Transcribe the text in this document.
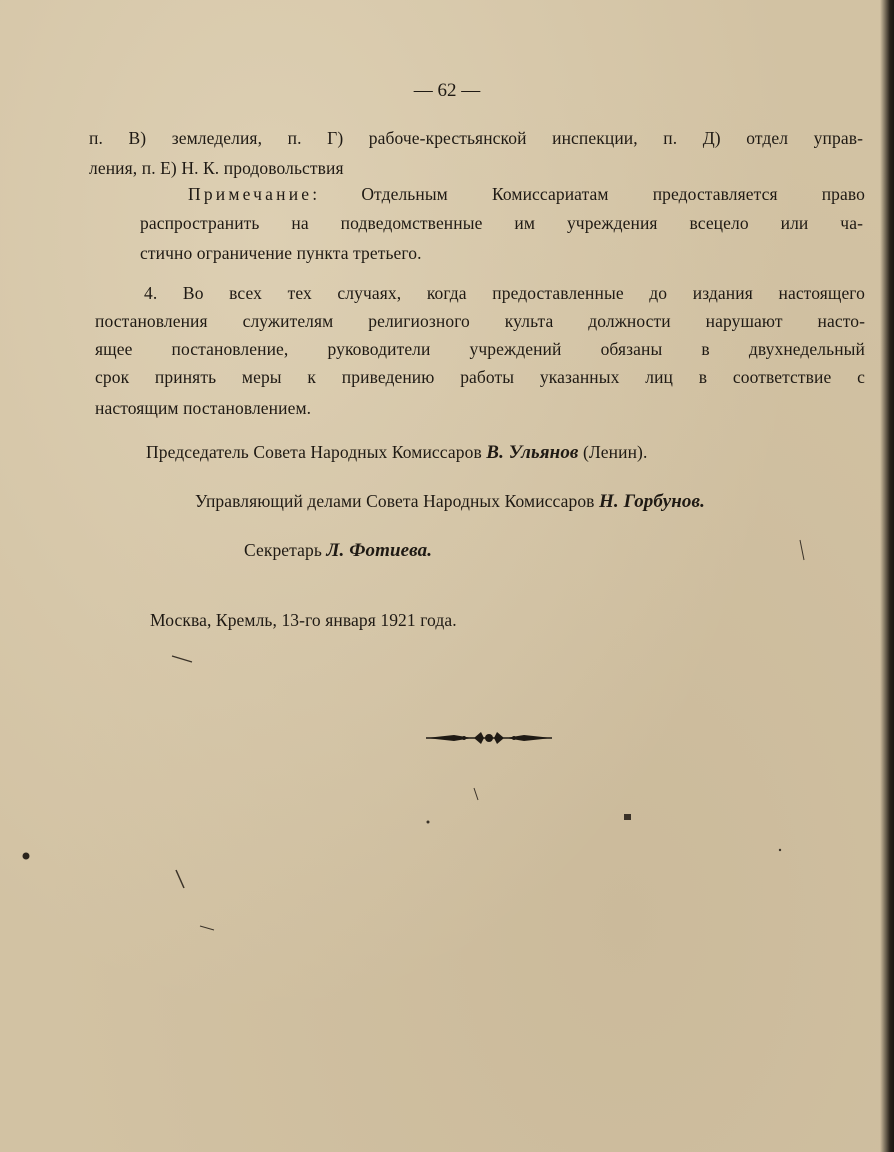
— 62 —
п. В) земледелия, п. Г) рабоче-крестьянской инспекции, п. Д) отдел управ-
ления, п. Е) Н. К. продовольствия
Примечание: Отдельным Комиссариатам предоставляется право
распространить на подведомственные им учреждения всецело или ча-
стично ограничение пункта третьего.
4. Во всех тех случаях, когда предоставленные до издания настоящего
постановления служителям религиозного культа должности нарушают насто-
ящее постановление, руководители учреждений обязаны в двухнедельный
срок принять меры к приведению работы указанных лиц в соответствие с
настоящим постановлением.
Председатель Совета Народных Комиссаров В. Ульянов (Ленин).
Управляющий делами Совета Народных Комиссаров Н. Горбунов.
Секретарь Л. Фотиева.
Москва, Кремль, 13-го января 1921 года.
